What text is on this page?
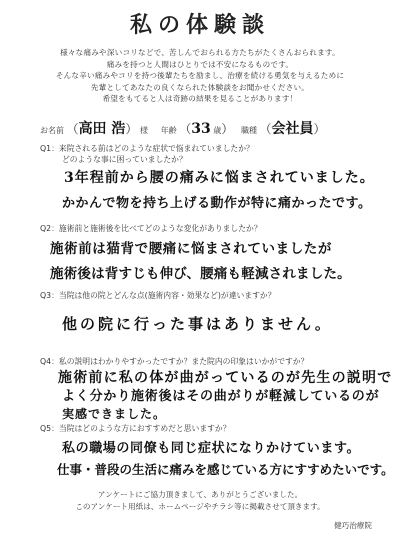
私の体験談
様々な痛みや深いコリなどで、苦しんでおられる方たちがたくさんおられます。
痛みを持つと人間はひとりでは不安になるものです。
そんな辛い痛みやコリを持つ後輩たちを励まし、治療を続ける勇気を与えるために
先輩としてあなたの良くなられた体験談をお聞かせください。
希望をもてると人は奇跡の結果を見ることがあります！
お名前 （高田 浩） 様 年齢 （33 歳） 職種 （会社員）
Q1：来院される前はどのような症状で悩まれていましたか？
どのような事に困っていましたか？
3年程前から腰の痛みに悩まされていました。
かかんで物を持ち上げる動作が特に痛かったです。
Q2：施術前と施術後を比べてどのような変化がありましたか？
施術前は猫背で腰痛に悩まされていましたが
施術後は背すじも伸び、腰痛も軽減されました。
Q3：当院は他の院とどんな点(施術内容・効果など)が違いますか？
他の院に行った事はありません。
Q4：私の説明はわかりやすかったですか？また院内の印象はいかがですか？
施術前に私の体が曲がっているのが先生の説明で
よく分かり施術後はその曲がりが軽減しているのが
実感できました。
Q5：当院はどのような方におすすめだと思いますか？
私の職場の同僚も同じ症状になりかけています。
仕事・普段の生活に痛みを感じている方にすすめたいです。
アンケートにご協力頂きまして、ありがとうございました。
このアンケート用紙は、ホームページやチラシ等に掲載させて頂きます。
健巧治療院
